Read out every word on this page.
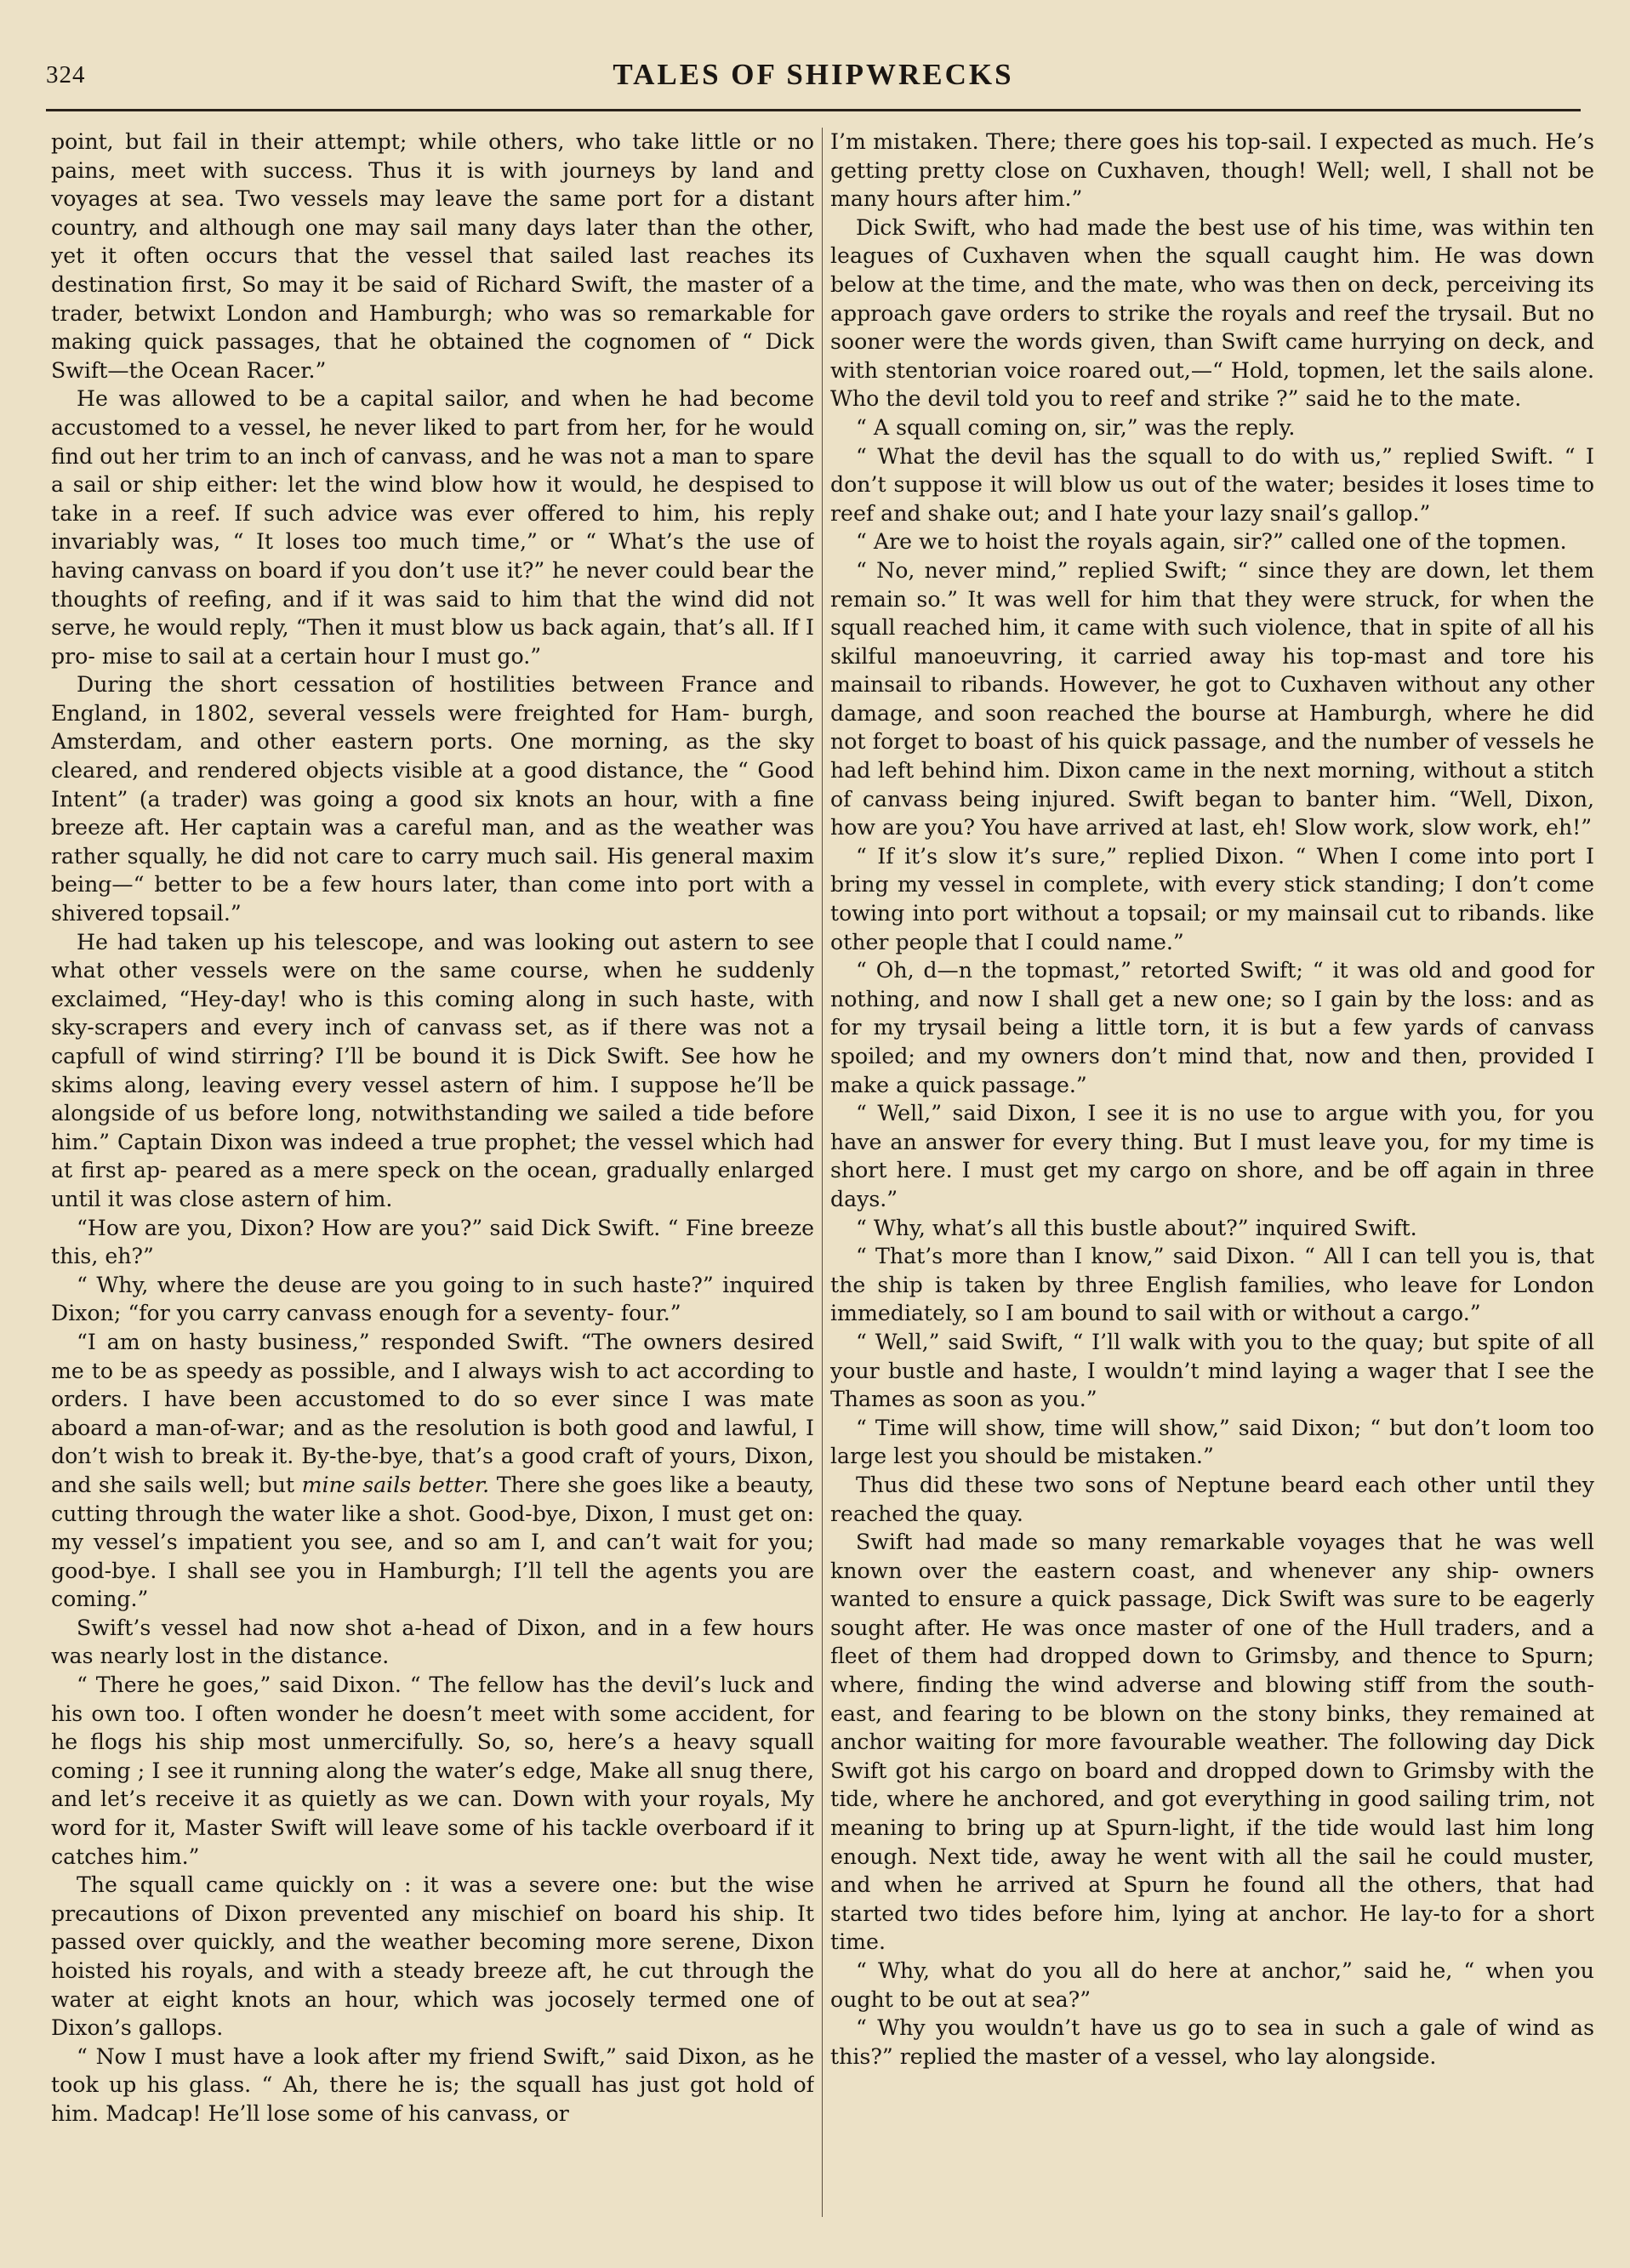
324	TALES OF SHIPWRECKS

point, but fail in their attempt; while others, who take little or no pains, meet with success. Thus it is with journeys by land and voyages at sea. Two vessels may leave the same port for a distant country, and although one may sail many days later than the other, yet it often occurs that the vessel that sailed last reaches its destination first, So may it be said of Richard Swift, the master of a trader, betwixt London and Hamburgh; who was so remarkable for making quick passages, that he obtained the cognomen of “ Dick Swift—the Ocean Racer.”

He was allowed to be a capital sailor, and when he had become accustomed to a vessel, he never liked to part from her, for he would find out her trim to an inch of canvass, and he was not a man to spare a sail or ship either: let the wind blow how it would, he despised to take in a reef. If such advice was ever offered to him, his reply invariably was, “ It loses too much time,” or “ What’s the use of having canvass on board if you don’t use it?” he never could bear the thoughts of reefing, and if it was said to him that the wind did not serve, he would reply, “Then it must blow us back again, that’s all. If I pro- mise to sail at a certain hour I must go.”

During the short cessation of hostilities between France and England, in 1802, several vessels were freighted for Ham- burgh, Amsterdam, and other eastern ports. One morning, as the sky cleared, and rendered objects visible at a good distance, the “ Good Intent” (a trader) was going a good six knots an hour, with a fine breeze aft. Her captain was a careful man, and as the weather was rather squally, he did not care to carry much sail. His general maxim being—“ better to be a few hours later, than come into port with a shivered topsail.”

He had taken up his telescope, and was looking out astern to see what other vessels were on the same course, when he suddenly exclaimed, “Hey-day! who is this coming along in such haste, with sky-scrapers and every inch of canvass set, as if there was not a capfull of wind stirring? I’ll be bound it is Dick Swift. See how he skims along, leaving every vessel astern of him. I suppose he’ll be alongside of us before long, notwithstanding we sailed a tide before him.” Captain Dixon was indeed a true prophet; the vessel which had at first ap- peared as a mere speck on the ocean, gradually enlarged until it was close astern of him.

“How are you, Dixon? How are you?” said Dick Swift. “ Fine breeze this, eh?”

“ Why, where the deuse are you going to in such haste?” inquired Dixon; “for you carry canvass enough for a seventy- four.”

“I am on hasty business,” responded Swift. “The owners desired me to be as speedy as possible, and I always wish to act according to orders. I have been accustomed to do so ever since I was mate aboard a man-of-war; and as the resolution is both good and lawful, I don’t wish to break it. By-the-bye, that’s a good craft of yours, Dixon, and she sails well; but mine sails better. There she goes like a beauty, cutting through the water like a shot. Good-bye, Dixon, I must get on: my vessel’s impatient you see, and so am I, and can’t wait for you; good-bye. I shall see you in Hamburgh; I’ll tell the agents you are coming.”

Swift’s vessel had now shot a-head of Dixon, and in a few hours was nearly lost in the distance.

“ There he goes,” said Dixon. “ The fellow has the devil’s luck and his own too. I often wonder he doesn’t meet with some accident, for he flogs his ship most unmercifully. So, so, here’s a heavy squall coming ; I see it running along the water’s edge, Make all snug there, and let’s receive it as quietly as we can. Down with your royals, My word for it, Master Swift will leave some of his tackle overboard if it catches him.”

The squall came quickly on : it was a severe one: but the wise precautions of Dixon prevented any mischief on board his ship. It passed over quickly, and the weather becoming more serene, Dixon hoisted his royals, and with a steady breeze aft, he cut through the water at eight knots an hour, which was jocosely termed one of Dixon’s gallops.

“ Now I must have a look after my friend Swift,” said Dixon, as he took up his glass. “ Ah, there he is; the squall has just got hold of him. Madcap! He’ll lose some of his canvass, or

I’m mistaken. There; there goes his top-sail. I expected as much. He’s getting pretty close on Cuxhaven, though! Well; well, I shall not be many hours after him.”

Dick Swift, who had made the best use of his time, was within ten leagues of Cuxhaven when the squall caught him. He was down below at the time, and the mate, who was then on deck, perceiving its approach gave orders to strike the royals and reef the trysail. But no sooner were the words given, than Swift came hurrying on deck, and with stentorian voice roared out,—“ Hold, topmen, let the sails alone. Who the devil told you to reef and strike ?” said he to the mate.

“ A squall coming on, sir,” was the reply.

“ What the devil has the squall to do with us,” replied Swift. “ I don’t suppose it will blow us out of the water; besides it loses time to reef and shake out; and I hate your lazy snail’s gallop.”

“ Are we to hoist the royals again, sir?” called one of the topmen.

“ No, never mind,” replied Swift; “ since they are down, let them remain so.” It was well for him that they were struck, for when the squall reached him, it came with such violence, that in spite of all his skilful manoeuvring, it carried away his top-mast and tore his mainsail to ribands. However, he got to Cuxhaven without any other damage, and soon reached the bourse at Hamburgh, where he did not forget to boast of his quick passage, and the number of vessels he had left behind him. Dixon came in the next morning, without a stitch of canvass being injured. Swift began to banter him. “Well, Dixon, how are you? You have arrived at last, eh! Slow work, slow work, eh!”

“ If it’s slow it’s sure,” replied Dixon. “ When I come into port I bring my vessel in complete, with every stick standing; I don’t come towing into port without a topsail; or my mainsail cut to ribands. like other people that I could name.”

“ Oh, d—n the topmast,” retorted Swift; “ it was old and good for nothing, and now I shall get a new one; so I gain by the loss: and as for my trysail being a little torn, it is but a few yards of canvass spoiled; and my owners don’t mind that, now and then, provided I make a quick passage.”

“ Well,” said Dixon, I see it is no use to argue with you, for you have an answer for every thing. But I must leave you, for my time is short here. I must get my cargo on shore, and be off again in three days.”

“ Why, what’s all this bustle about?” inquired Swift.

“ That’s more than I know,” said Dixon. “ All I can tell you is, that the ship is taken by three English families, who leave for London immediately, so I am bound to sail with or without a cargo.”

“ Well,” said Swift, “ I’ll walk with you to the quay; but spite of all your bustle and haste, I wouldn’t mind laying a wager that I see the Thames as soon as you.”

“ Time will show, time will show,” said Dixon; “ but don’t loom too large lest you should be mistaken.”

Thus did these two sons of Neptune beard each other until they reached the quay.

Swift had made so many remarkable voyages that he was well known over the eastern coast, and whenever any ship- owners wanted to ensure a quick passage, Dick Swift was sure to be eagerly sought after. He was once master of one of the Hull traders, and a fleet of them had dropped down to Grimsby, and thence to Spurn; where, finding the wind adverse and blowing stiff from the south-east, and fearing to be blown on the stony binks, they remained at anchor waiting for more favourable weather. The following day Dick Swift got his cargo on board and dropped down to Grimsby with the tide, where he anchored, and got everything in good sailing trim, not meaning to bring up at Spurn-light, if the tide would last him long enough. Next tide, away he went with all the sail he could muster, and when he arrived at Spurn he found all the others, that had started two tides before him, lying at anchor. He lay-to for a short time.

“ Why, what do you all do here at anchor,” said he, “ when you ought to be out at sea?”

“ Why you wouldn’t have us go to sea in such a gale of wind as this?” replied the master of a vessel, who lay alongside.
